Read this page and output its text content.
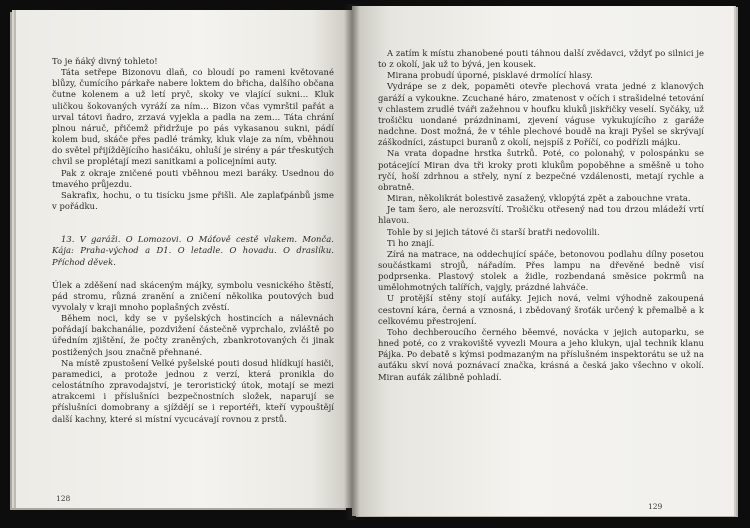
To je ňáký divný tohleto!

Táta setřepe Bizonovu dlaň, co bloudí po rameni květované blůzy, čumícího párkaře nabere loktem do břicha, dalšího občana čutne kolenem a už letí pryč, skoky ve vlající sukni… Kluk uličkou šokovaných vyráží za ním… Bizon včas vymrštil pařát a urval tátovi ňadro, zrzavá vyjekla a padla na zem… Táta chrání plnou náruč, přičemž přidržuje po pás vykasanou sukni, pádí kolem bud, skáče přes padlé trámky, kluk vlaje za ním, vběhnou do světel přijíždějícího hasičáku, ohluší je sirény a pár třeskutých chvil se proplétají mezi sanitkami a policejními auty.

Pak z okraje zničené pouti vběhnou mezi baráky. Usednou do tmavého průjezdu.

Sakrafix, hochu, o tu tisícku jsme přišli. Ale zaplaťpánbů jsme v pořádku.

13. V garáži. O Lomozovi. O Máťově cestě vlakem. Monča. Kája: Praha-východ a D1. O letadle. O hovadu. O draslíku. Příchod děvek.

Úlek a zděšení nad skáceným májky, symbolu vesnického štěstí, pád stromu, různá zranění a zničení několika poutových bud vyvolaly v kraji mnoho poplašných zvěstí.

Během noci, kdy se v pyšelských hostincích a nálevnách pořádají bakchanálie, pozdvižení částečně vyprchalo, zvláště po úředním zjištění, že počty zraněných, zbankrotovaných či jinak postižených jsou značně přehnané.

Na místě zpustošení Velké pyšelské pouti dosud hlídkují hasiči, paramedici, a protože jednou z verzí, která pronikla do celostátního zpravodajství, je teroristický útok, motají se mezi atrakcemi i příslušníci bezpečnostních složek, naparují se příslušníci domobrany a sjíždějí se i reportéři, kteří vypouštějí další kachny, které si místní vycucávají rovnou z prstů.

128

A zatím k místu zhanobené pouti táhnou další zvědavci, vždyť po silnici je to z okolí, jak už to bývá, jen kousek.

Mirana probudí úporné, pisklavé drmolící hlasy.

Vydrápe se z dek, popaměti otevře plechová vrata jedné z klanových garáží a vykoukne. Zcuchané háro, zmatenost v očích i strašidelné tetování v chlastem zrudlé tváři zažehnou v houfku kluků jiskřičky veselí. Syčáky, už trošičku uondané prázdninami, zjevení váguse vykukujícího z garáže nadchne. Dost možná, že v téhle plechové boudě na kraji Pyšel se skrývají záškodníci, zástupci buranů z okolí, nejspíš z Poříčí, co podřízli májku.

Na vrata dopadne hrstka šutrků. Poté, co polonahý, v polospánku se potácející Miran dva tři kroky proti klukům popoběhne a směšně u toho ryčí, hoší zdrhnou a střely, nyní z bezpečné vzdálenosti, metají rychle a obratně.

Miran, několikrát bolestivě zasažený, vklopýtá zpět a zabouchne vrata.

Je tam šero, ale nerozsvítí. Trošičku otřesený nad tou drzou mládeží vrtí hlavou.

Tohle by si jejich tátové či starší bratři nedovolili.

Ti ho znají.

Zírá na matrace, na oddechující spáče, betonovou podlahu dílny posetou součástkami strojů, nářadím. Přes lampu na dřevěné bedně visí podprsenka. Plastový stolek a židle, rozbendaná směsice pokrmů na umělohmotných talířích, vajgly, prázdné lahváče.

U protější stěny stojí auťáky. Jejich nová, velmi výhodně zakoupená cestovní kára, černá a vznosná, i zbědovaný šroťák určený k přemalbě a k celkovému přestrojení.

Toho dechberoucího černého běemvé, novácka v jejich autoparku, se hned poté, co z vrakoviště vyvezli Moura a jeho klukyn, ujal technik klanu Pájka. Po debatě s kýmsi podmazaným na příslušném inspektorátu se už na auťáku skví nová poznávací značka, krásná a česká jako všechno v okolí. Miran auťák zálibně pohladí.

129
